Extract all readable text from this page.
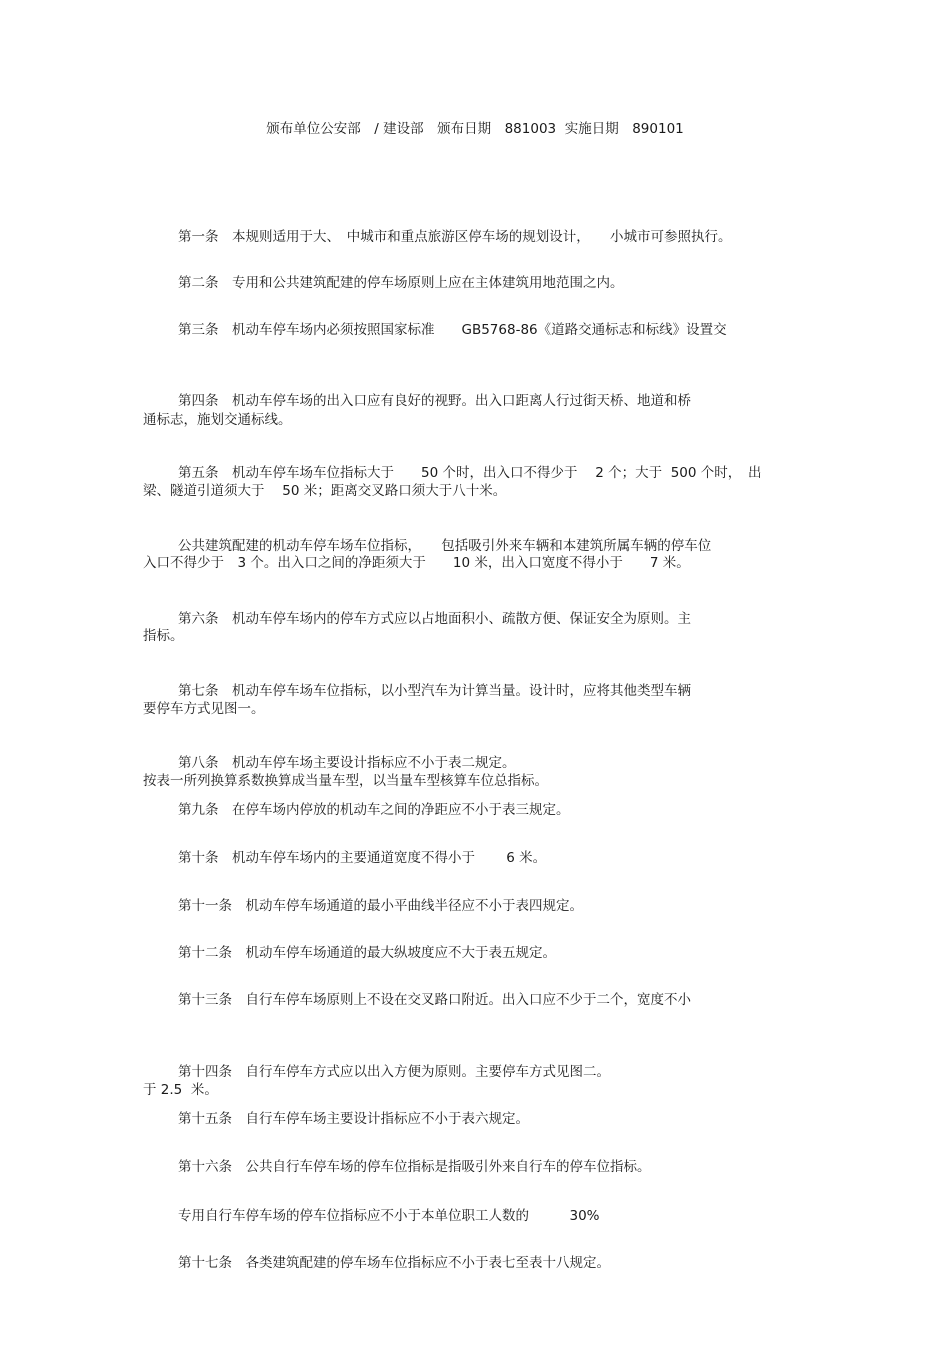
颁布单位公安部　/ 建设部　颁布日期　881003  实施日期　890101

第一条　本规则适用于大、　中城市和重点旅游区停车场的规划设计，　　小城市可参照执行。

第二条　专用和公共建筑配建的停车场原则上应在主体建筑用地范围之内。

第三条　机动车停车场内必须按照国家标准　　GB5768-86《道路交通标志和标线》设置交

通标志，施划交通标线。

第四条　机动车停车场的出入口应有良好的视野。出入口距离人行过街天桥、地道和桥

梁、隧道引道须大于　 50 米；距离交叉路口须大于八十米。

第五条　机动车停车场车位指标大于　　50 个时，出入口不得少于　 2 个；大于  500 个时，　出

入口不得少于　3 个。出入口之间的净距须大于　　10 米，出入口宽度不得小于　　7 米。

公共建筑配建的机动车停车场车位指标，　　包括吸引外来车辆和本建筑所属车辆的停车位

指标。

第六条　机动车停车场内的停车方式应以占地面积小、疏散方便、保证安全为原则。主

要停车方式见图一。

第七条　机动车停车场车位指标，以小型汽车为计算当量。设计时，应将其他类型车辆

按表一所列换算系数换算成当量车型，以当量车型核算车位总指标。

第八条　机动车停车场主要设计指标应不小于表二规定。

第九条　在停车场内停放的机动车之间的净距应不小于表三规定。

第十条　机动车停车场内的主要通道宽度不得小于　　 6 米。

第十一条　机动车停车场通道的最小平曲线半径应不小于表四规定。

第十二条　机动车停车场通道的最大纵坡度应不大于表五规定。

第十三条　自行车停车场原则上不设在交叉路口附近。出入口应不少于二个，宽度不小

于 2.5  米。

第十四条　自行车停车方式应以出入方便为原则。主要停车方式见图二。

第十五条　自行车停车场主要设计指标应不小于表六规定。

第十六条　公共自行车停车场的停车位指标是指吸引外来自行车的停车位指标。

专用自行车停车场的停车位指标应不小于本单位职工人数的　　　30%

第十七条　各类建筑配建的停车场车位指标应不小于表七至表十八规定。
